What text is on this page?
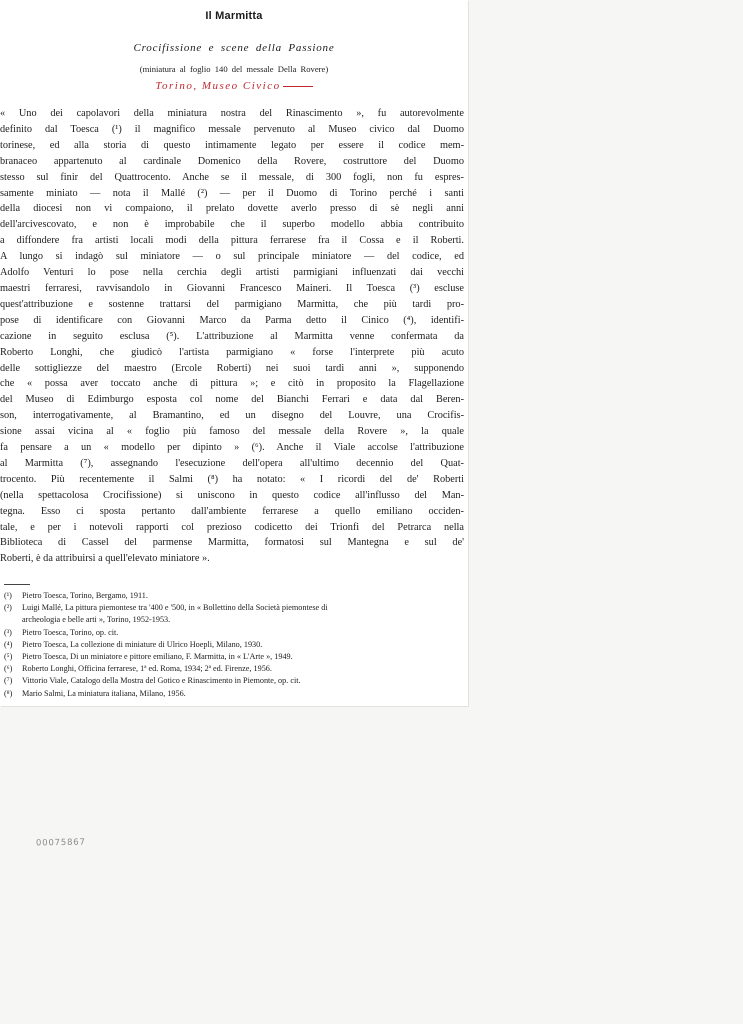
Il Marmitta
Crocifissione e scene della Passione
(miniatura al foglio 140 del messale Della Rovere)
Torino, Museo Civico
« Uno dei capolavori della miniatura nostra del Rinascimento », fu autorevolmente
definito dal Toesca (¹) il magnifico messale pervenuto al Museo civico dal Duomo
torinese, ed alla storia di questo intimamente legato per essere il codice mem-
branaceo appartenuto al cardinale Domenico della Rovere, costruttore del Duomo
stesso sul finir del Quattrocento. Anche se il messale, di 300 fogli, non fu espres-
samente miniato — nota il Mallé (²) — per il Duomo di Torino perché i santi
della diocesi non vi compaiono, il prelato dovette averlo presso di sè negli anni
dell'arcivescovato, e non è improbabile che il superbo modello abbia contribuito
a diffondere fra artisti locali modi della pittura ferrarese fra il Cossa e il Roberti.
A lungo si indagò sul miniatore — o sul principale miniatore — del codice, ed
Adolfo Venturi lo pose nella cerchia degli artisti parmigiani influenzati dai vecchi
maestri ferraresi, ravvisandolo in Giovanni Francesco Maineri. Il Toesca (³) escluse
quest'attribuzione e sostenne trattarsi del parmigiano Marmitta, che più tardi pro-
pose di identificare con Giovanni Marco da Parma detto il Cinico (⁴), identifi-
cazione in seguito esclusa (⁵). L'attribuzione al Marmitta venne confermata da
Roberto Longhi, che giudicò l'artista parmigiano « forse l'interprete più acuto
delle sottigliezze del maestro (Ercole Roberti) nei suoi tardi anni », supponendo
che « possa aver toccato anche di pittura »; e citò in proposito la Flagellazione
del Museo di Edimburgo esposta col nome del Bianchi Ferrari e data dal Beren-
son, interrogativamente, al Bramantino, ed un disegno del Louvre, una Crocifis-
sione assai vicina al « foglio più famoso del messale della Rovere », la quale
fa pensare a un « modello per dipinto » (⁶). Anche il Viale accolse l'attribuzione
al Marmitta (⁷), assegnando l'esecuzione dell'opera all'ultimo decennio del Quat-
trocento. Più recentemente il Salmi (⁸) ha notato: « I ricordi del de' Roberti
(nella spettacolosa Crocifissione) si uniscono in questo codice all'influsso del Man-
tegna. Esso ci sposta pertanto dall'ambiente ferrarese a quello emiliano occiden-
tale, e per i notevoli rapporti col prezioso codicetto dei Trionfi del Petrarca nella
Biblioteca di Cassel del parmense Marmitta, formatosi sul Mantegna e sul de'
Roberti, è da attribuirsi a quell'elevato miniatore ».
(¹) Pietro Toesca, Torino, Bergamo, 1911.
(²) Luigi Mallé, La pittura piemontese tra '400 e '500, in « Bollettino della Società piemontese di
archeologia e belle arti », Torino, 1952-1953.
(³) Pietro Toesca, Torino, op. cit.
(⁴) Pietro Toesca, La collezione di miniature di Ulrico Hoepli, Milano, 1930.
(⁵) Pietro Toesca, Di un miniatore e pittore emiliano, F. Marmitta, in « L'Arte », 1949.
(⁶) Roberto Longhi, Officina ferrarese, 1ª ed. Roma, 1934; 2ª ed. Firenze, 1956.
(⁷) Vittorio Viale, Catalogo della Mostra del Gotico e Rinascimento in Piemonte, op. cit.
(⁸) Mario Salmi, La miniatura italiana, Milano, 1956.
00075867
